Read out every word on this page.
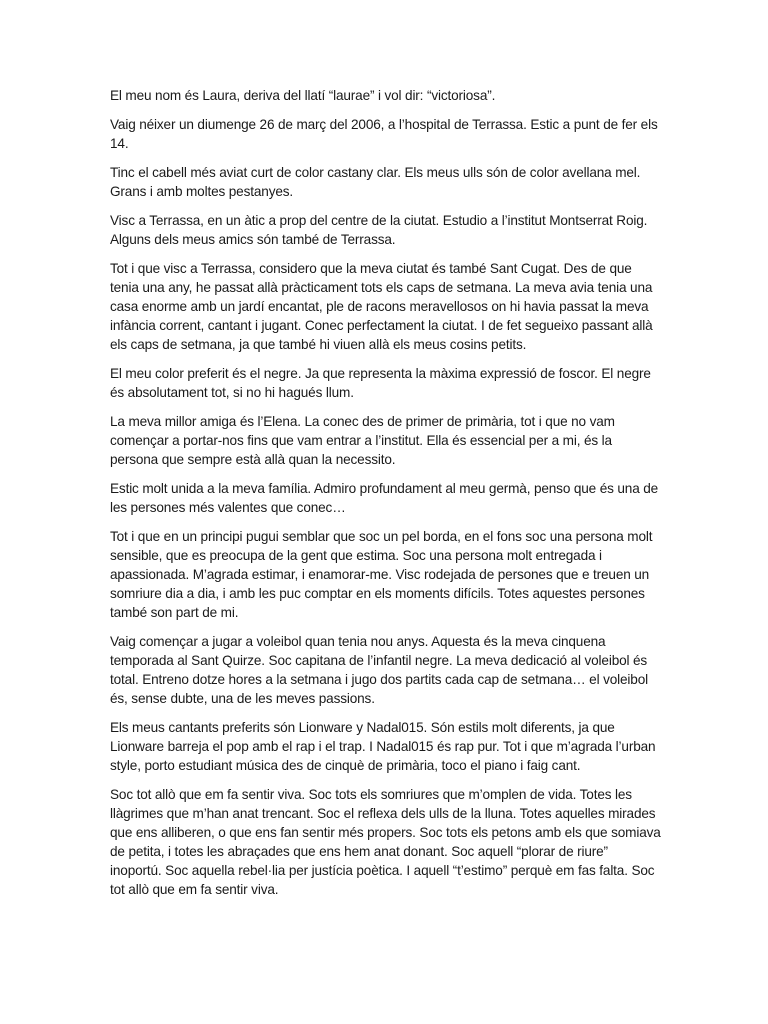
El meu nom és Laura, deriva del llatí “laurae” i vol dir: “victoriosa”.

Vaig néixer un diumenge 26 de març del 2006, a l’hospital de Terrassa. Estic a punt de fer els 14.

Tinc el cabell més aviat curt de color castany clar. Els meus ulls són de color avellana mel. Grans i amb moltes pestanyes.

Visc a Terrassa, en un àtic a prop del centre de la ciutat. Estudio a l’institut Montserrat Roig. Alguns dels meus amics són també de Terrassa.

Tot i que visc a Terrassa, considero que la meva ciutat és també Sant Cugat. Des de que tenia una any, he passat allà pràcticament tots els caps de setmana. La meva avia tenia una casa enorme amb un jardí encantat, ple de racons meravellosos on hi havia passat la meva infància corrent, cantant i jugant. Conec perfectament la ciutat. I de fet segueixo passant allà els caps de setmana, ja que també hi viuen allà els meus cosins petits.

El meu color preferit és el negre. Ja que representa la màxima expressió de foscor. El negre és absolutament tot, si no hi hagués llum.

La meva millor amiga és l’Elena. La conec des de primer de primària, tot i que no vam començar a portar-nos fins que vam entrar a l’institut. Ella és essencial per a mi, és la persona que sempre està allà quan la necessito.

Estic molt unida a la meva família. Admiro profundament al meu germà, penso que és una de les persones més valentes que conec…

Tot i que en un principi pugui semblar que soc un pel borda, en el fons soc una persona molt sensible, que es preocupa de la gent que estima. Soc una persona molt entregada i apassionada. M’agrada estimar, i enamorar-me. Visc rodejada de persones que e treuen un somriure dia a dia, i amb les puc comptar en els moments difícils. Totes aquestes persones també son part de mi.

Vaig començar a jugar a voleibol quan tenia nou anys. Aquesta és la meva cinquena temporada al Sant Quirze. Soc capitana de l’infantil negre. La meva dedicació al voleibol és total. Entreno dotze hores a la setmana i jugo dos partits cada cap de setmana… el voleibol és, sense dubte, una de les meves passions.

Els meus cantants preferits són Lionware y Nadal015. Són estils molt diferents, ja que Lionware barreja el pop amb el rap i el trap. I Nadal015 és rap pur. Tot i que m’agrada l’urban style, porto estudiant música des de cinquè de primària, toco el piano i faig cant.

Soc tot allò que em fa sentir viva. Soc tots els somriures que m’omplen de vida. Totes les llàgrimes que m’han anat trencant. Soc el reflexa dels ulls de la lluna. Totes aquelles mirades que ens alliberen, o que ens fan sentir més propers. Soc tots els petons amb els que somiava de petita, i totes les abraçades que ens hem anat donant. Soc aquell “plorar de riure” inoportú. Soc aquella rebel·lia per justícia poètica. I aquell “t’estimo” perquè em fas falta. Soc tot allò que em fa sentir viva.
